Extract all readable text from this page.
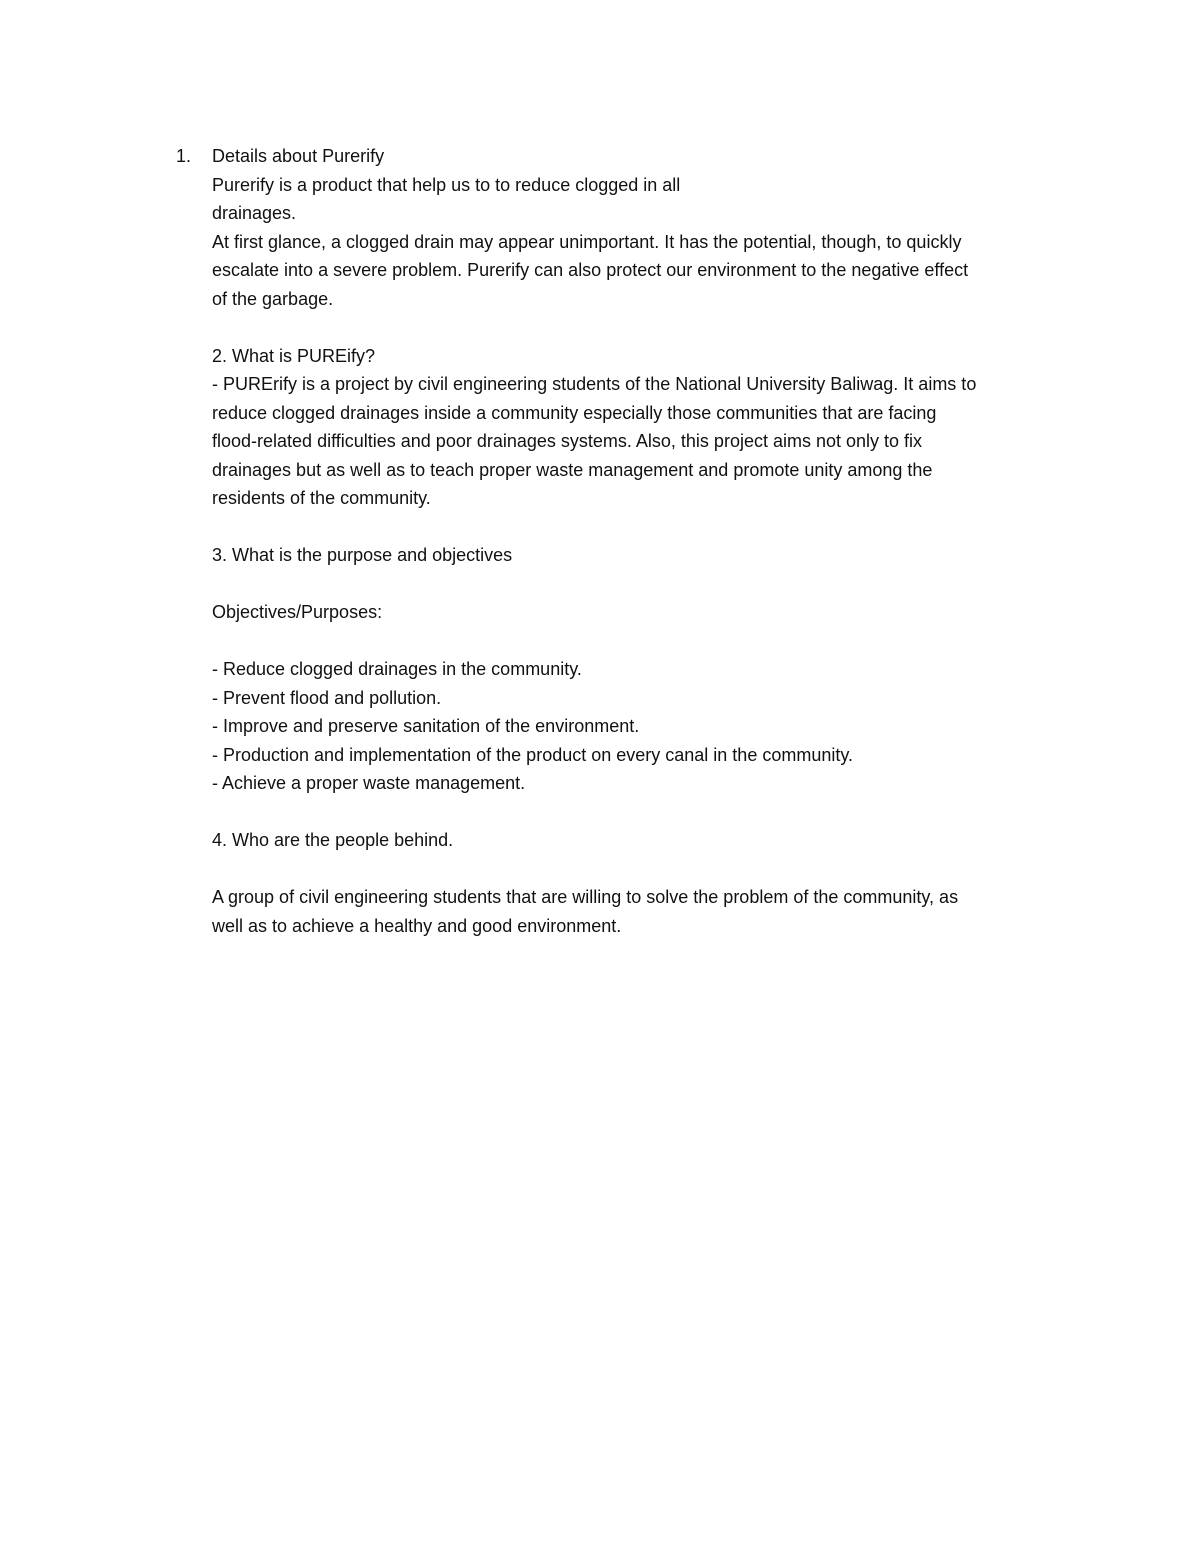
1. Details about Purerify
Purerify is a product that help us to to reduce clogged in all
drainages.
At first glance, a clogged drain may appear unimportant. It has the potential, though, to quickly
escalate into a severe problem. Purerify can also protect our environment to the negative effect
of the garbage.
2. What is PUREify?
- PURErify is a project by civil engineering students of the National University Baliwag. It aims to
reduce clogged drainages inside a community especially those communities that are facing
flood-related difficulties and poor drainages systems. Also, this project aims not only to fix
drainages but as well as to teach proper waste management and promote unity among the
residents of the community.
3. What is the purpose and objectives
Objectives/Purposes:
- Reduce clogged drainages in the community.
- Prevent flood and pollution.
- Improve and preserve sanitation of the environment.
- Production and implementation of the product on every canal in the community.
- Achieve a proper waste management.
4. Who are the people behind.
A group of civil engineering students that are willing to solve the problem of the community, as
well as to achieve a healthy and good environment.
